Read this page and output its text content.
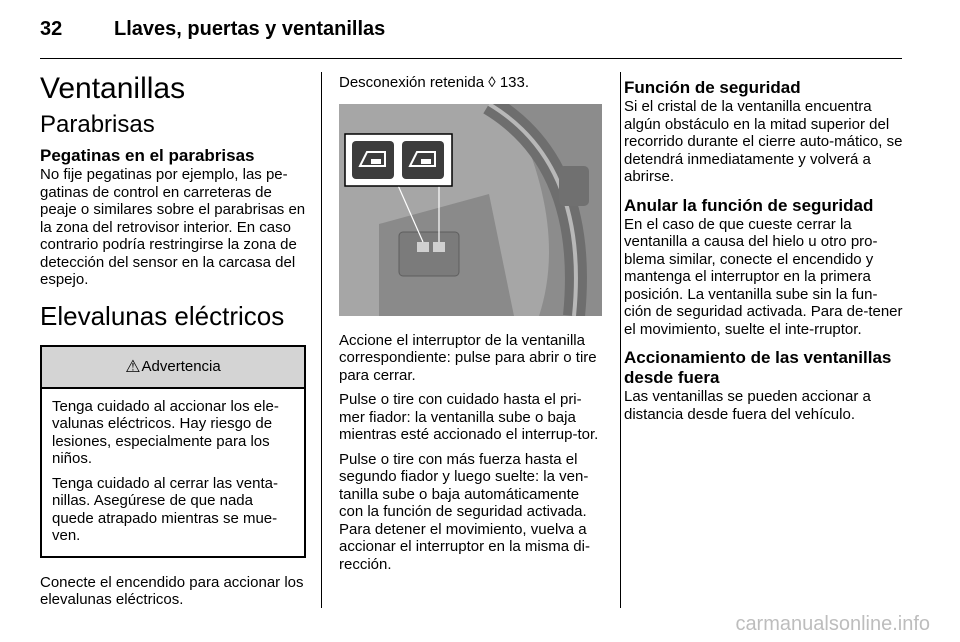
32	Llaves, puertas y ventanillas
Ventanillas
Parabrisas
Pegatinas en el parabrisas

No fije pegatinas por ejemplo, las pe-gatinas de control en carreteras de peaje o similares sobre el parabrisas en la zona del retrovisor interior. En caso contrario podría restringirse la zona de detección del sensor en la carcasa del espejo.

Elevalunas eléctricos
⚠ Advertencia

Tenga cuidado al accionar los ele-valunas eléctricos. Hay riesgo de lesiones, especialmente para los niños.

Tenga cuidado al cerrar las venta-nillas. Asegúrese de que nada quede atrapado mientras se mue-ven.

Conecte el encendido para accionar los elevalunas eléctricos.

Desconexión retenida ◊ 133.

Accione el interruptor de la ventanilla correspondiente: pulse para abrir o tire para cerrar.

Pulse o tire con cuidado hasta el pri-mer fiador: la ventanilla sube o baja mientras esté accionado el interrup-tor.

Pulse o tire con más fuerza hasta el segundo fiador y luego suelte: la ven-tanilla sube o baja automáticamente con la función de seguridad activada. Para detener el movimiento, vuelva a accionar el interruptor en la misma di-rección.

Función de seguridad

Si el cristal de la ventanilla encuentra algún obstáculo en la mitad superior del recorrido durante el cierre auto-mático, se detendrá inmediatamente y volverá a abrirse.

Anular la función de seguridad

En el caso de que cueste cerrar la ventanilla a causa del hielo u otro pro-blema similar, conecte el encendido y mantenga el interruptor en la primera posición. La ventanilla sube sin la fun-ción de seguridad activada. Para de-tener el movimiento, suelte el inte-rruptor.

Accionamiento de las ventanillas desde fuera

Las ventanillas se pueden accionar a distancia desde fuera del vehículo.

carmanualsonline.info
